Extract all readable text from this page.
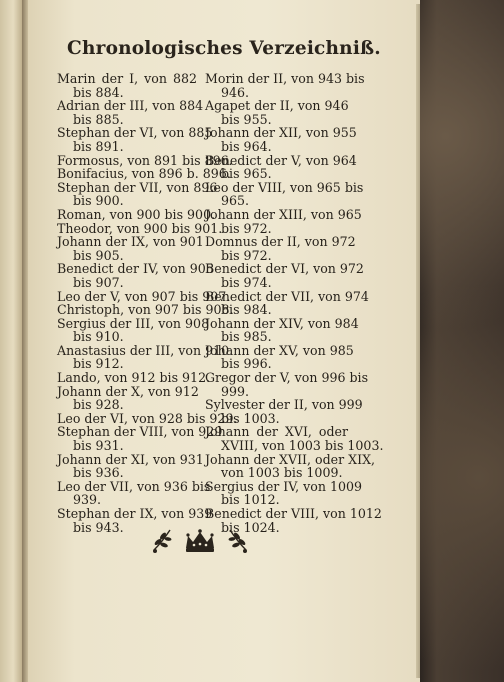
Chronologisches Verzeichniß.
Marin der I, von 882
bis 884.
Adrian der III, von 884
bis 885.
Stephan der VI, von 885
bis 891.
Formosus, von 891 bis 896.
Bonifacius, von 896 b. 896.
Stephan der VII, von 896
bis 900.
Roman, von 900 bis 900.
Theodor, von 900 bis 901.
Johann der IX, von 901
bis 905.
Benedict der IV, von 905
bis 907.
Leo der V, von 907 bis 907.
Christoph, von 907 bis 908.
Sergius der III, von 908
bis 910.
Anastasius der III, von 910
bis 912.
Lando, von 912 bis 912.
Johann der X, von 912
bis 928.
Leo der VI, von 928 bis 929.
Stephan der VIII, von 929
bis 931.
Johann der XI, von 931
bis 936.
Leo der VII, von 936 bis
939.
Stephan der IX, von 939
bis 943.
Morin der II, von 943 bis
946.
Agapet der II, von 946
bis 955.
Johann der XII, von 955
bis 964.
Benedict der V, von 964
bis 965.
Leo der VIII, von 965 bis
965.
Johann der XIII, von 965
bis 972.
Domnus der II, von 972
bis 972.
Benedict der VI, von 972
bis 974.
Benedict der VII, von 974
bis 984.
Johann der XIV, von 984
bis 985.
Johann der XV, von 985
bis 996.
Gregor der V, von 996 bis
999.
Sylvester der II, von 999
bis 1003.
Johann der XVI, oder
XVIII, von 1003 bis 1003.
Johann der XVII, oder XIX,
von 1003 bis 1009.
Sergius der IV, von 1009
bis 1012.
Benedict der VIII, von 1012
bis 1024.
